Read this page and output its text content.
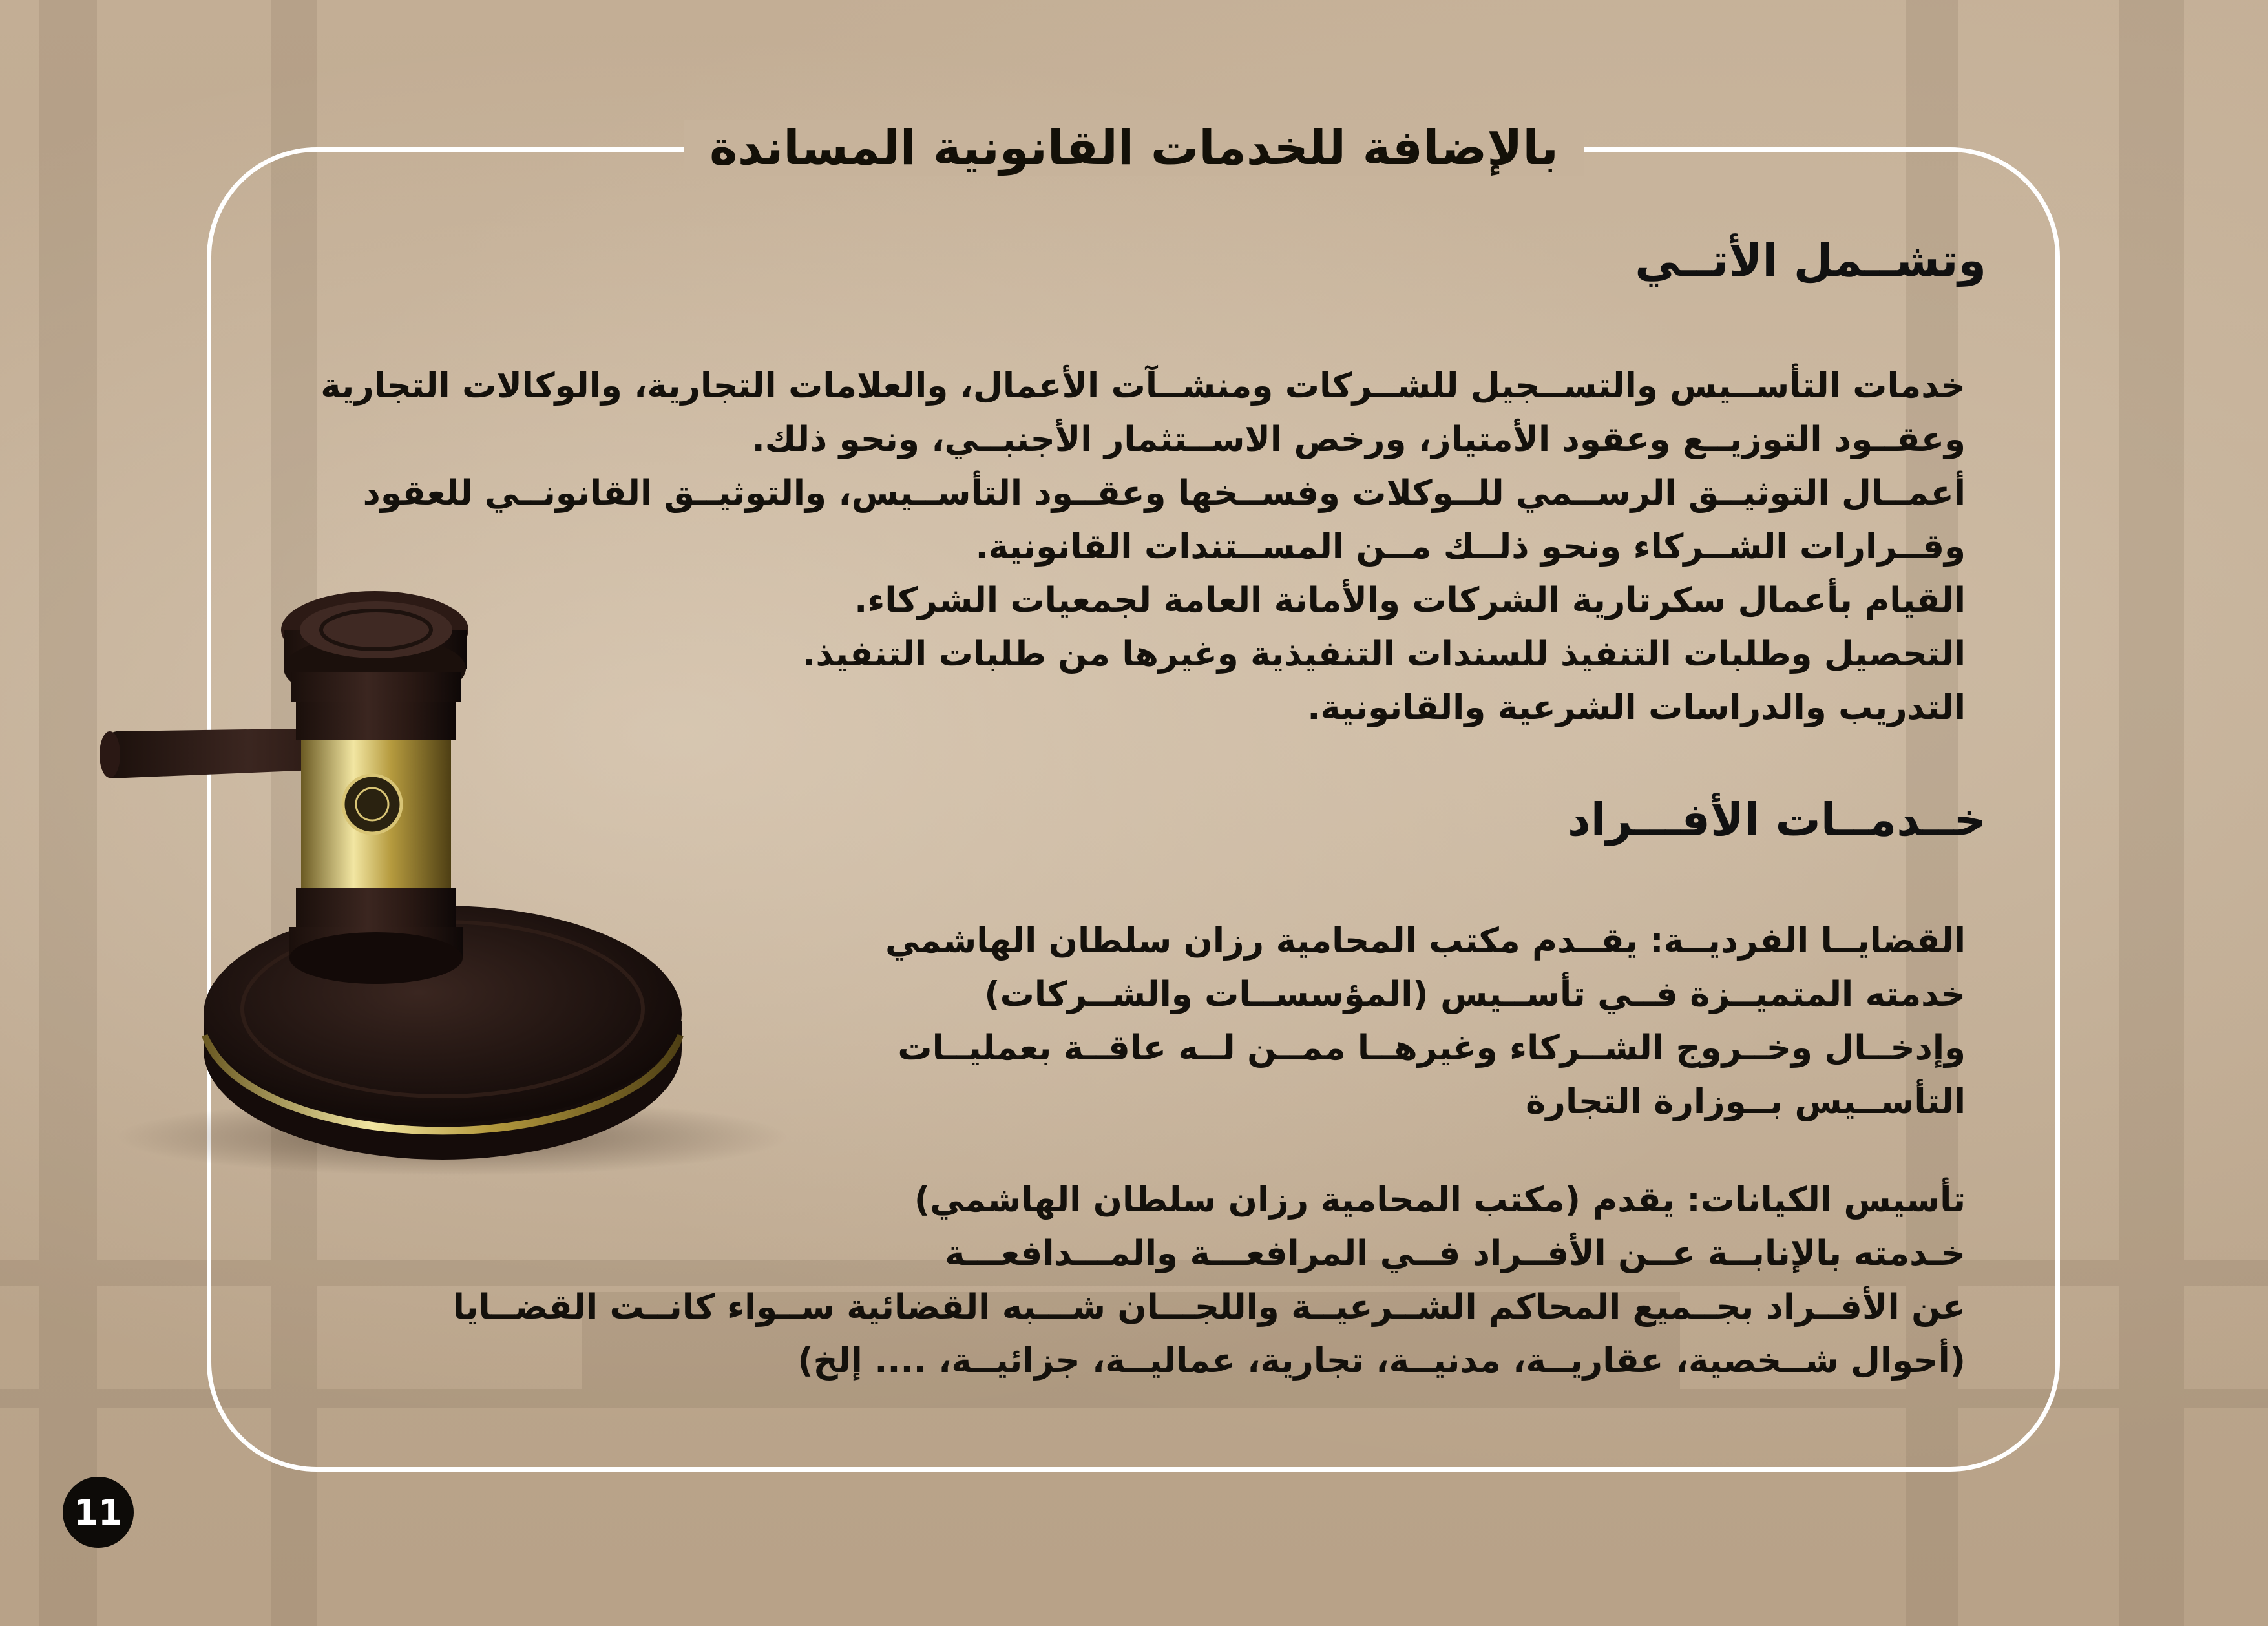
بالإضافة للخدمات القانونية المساندة
وتشــمل الأتــي
خدمات التأســيس والتســجيل للشــركات ومنشــآت الأعمال، والعلامات التجارية، والوكالات التجارية
وعقــود التوزيــع وعقود الأمتياز، ورخص الاســتثمار الأجنبــي، ونحو ذلك.
أعمــال التوثيــق الرســمي للــوكلات وفســخها وعقــود التأســيس، والتوثيــق القانونــي للعقود
وقــرارات الشــركاء ونحو ذلــك مــن المســتندات القانونية.
القيام بأعمال سكرتارية الشركات والأمانة العامة لجمعيات الشركاء.
التحصيل وطلبات التنفيذ للسندات التنفيذية وغيرها من طلبات التنفيذ.
التدريب والدراسات الشرعية والقانونية.
خــدمــات الأفـــراد
القضايــا الفرديــة: يقــدم مكتب المحامية رزان سلطان الهاشمي
خدمته المتميــزة فــي تأســيس (المؤسســات والشــركات)
وإدخــال وخــروج الشــركاء وغيرهــا ممــن لــه عاقــة بعمليــات
التأســيس بــوزارة التجارة
تأسيس الكيانات: يقدم (مكتب المحامية رزان سلطان الهاشمي)
خـدمته بالإنابــة عــن الأفــراد فــي المرافعـــة والمـــدافعـــة
عن الأفــراد بجــميع المحاكم الشــرعيــة واللجـــان شـــبه القضائية ســواء كانــت القضــايا
(أحوال شــخصية، عقاريــة، مدنيــة، تجارية، عماليــة، جزائيــة، .... إلخ)
11
